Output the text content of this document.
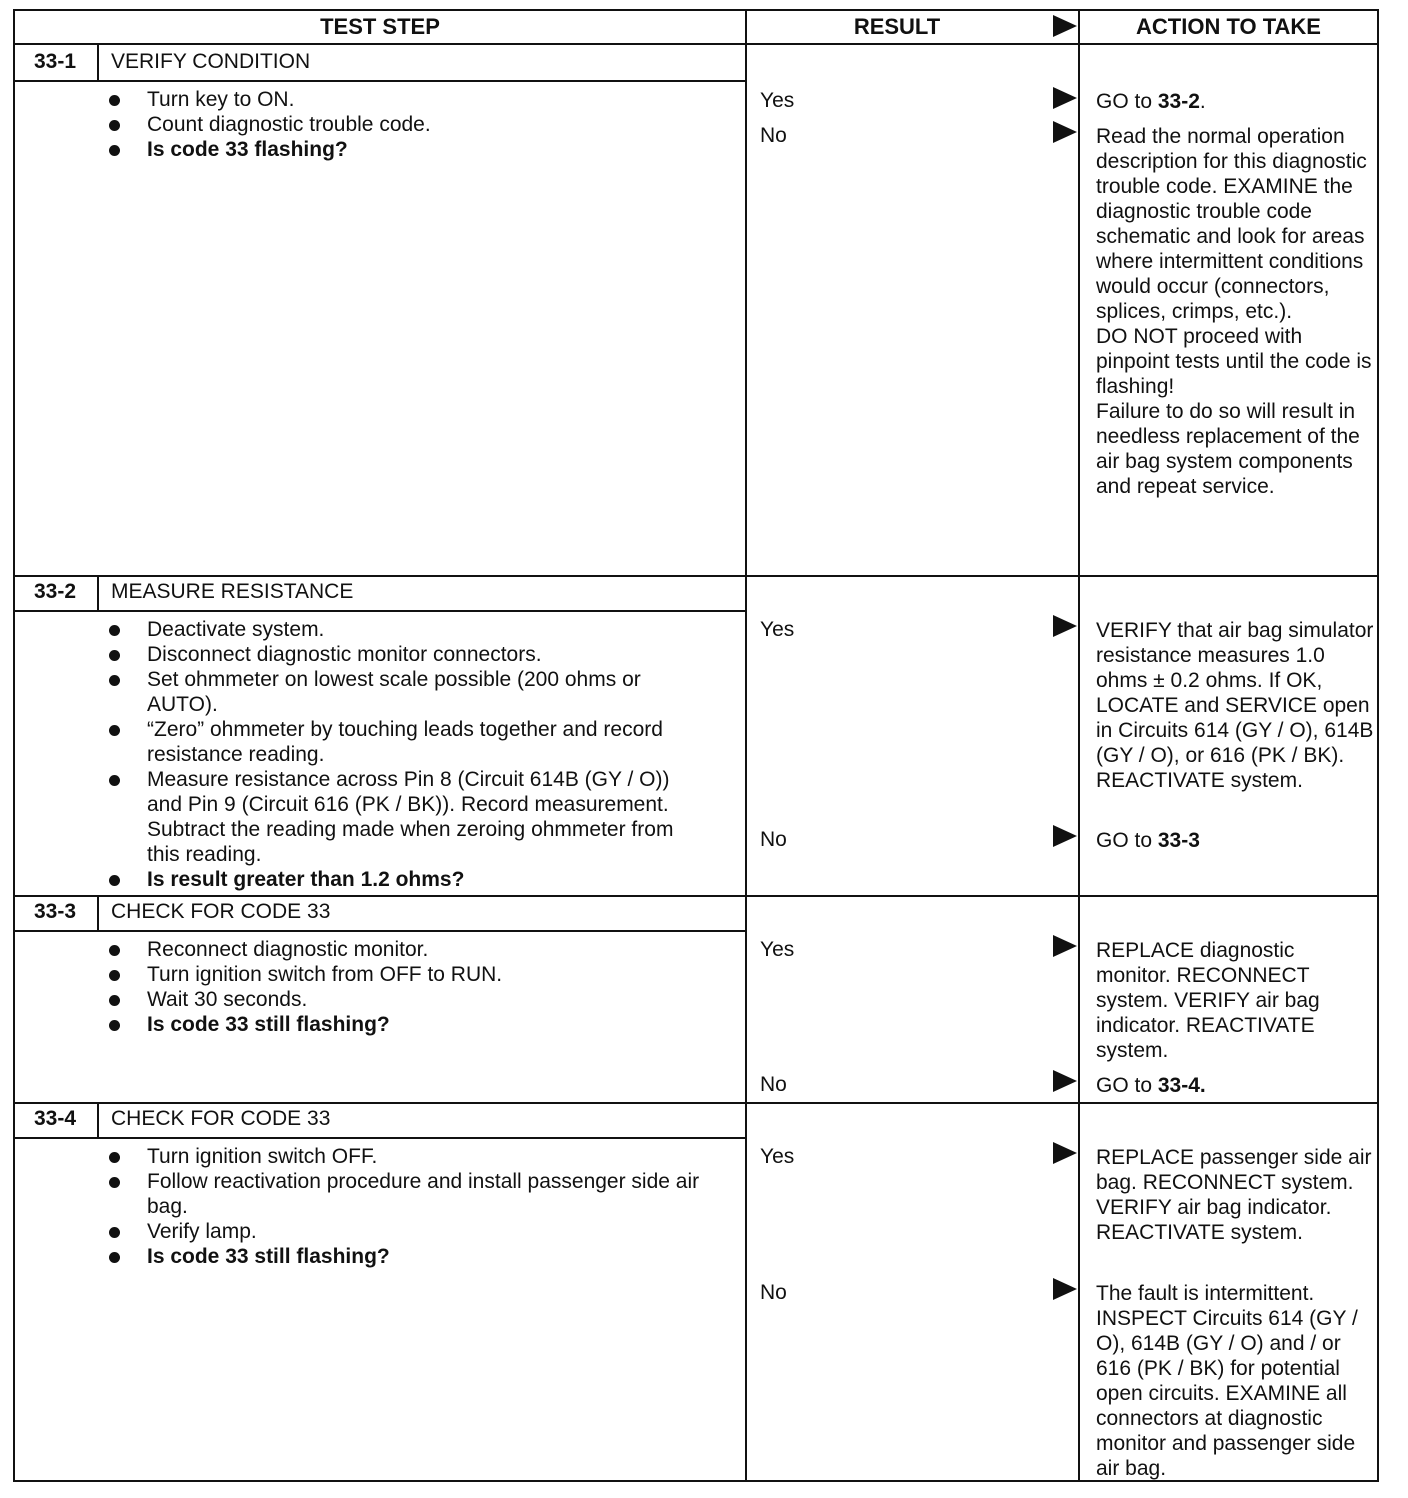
TEST STEP	RESULT	ACTION TO TAKE
33-1	VERIFY CONDITION
Turn key to ON.
Count diagnostic trouble code.
Is code 33 flashing?
Yes	GO to 33-2.
No	Read the normal operation description for this diagnostic trouble code. EXAMINE the diagnostic trouble code schematic and look for areas where intermittent conditions would occur (connectors, splices, crimps, etc.).
DO NOT proceed with pinpoint tests until the code is flashing!
Failure to do so will result in needless replacement of the air bag system components and repeat service.
33-2	MEASURE RESISTANCE
Deactivate system.
Disconnect diagnostic monitor connectors.
Set ohmmeter on lowest scale possible (200 ohms or AUTO).
“Zero” ohmmeter by touching leads together and record resistance reading.
Measure resistance across Pin 8 (Circuit 614B (GY / O)) and Pin 9 (Circuit 616 (PK / BK)). Record measurement. Subtract the reading made when zeroing ohmmeter from this reading.
Is result greater than 1.2 ohms?
Yes	VERIFY that air bag simulator resistance measures 1.0 ohms ± 0.2 ohms. If OK, LOCATE and SERVICE open in Circuits 614 (GY / O), 614B (GY / O), or 616 (PK / BK). REACTIVATE system.
No	GO to 33-3
33-3	CHECK FOR CODE 33
Reconnect diagnostic monitor.
Turn ignition switch from OFF to RUN.
Wait 30 seconds.
Is code 33 still flashing?
Yes	REPLACE diagnostic monitor. RECONNECT system. VERIFY air bag indicator. REACTIVATE system.
No	GO to 33-4.
33-4	CHECK FOR CODE 33
Turn ignition switch OFF.
Follow reactivation procedure and install passenger side air bag.
Verify lamp.
Is code 33 still flashing?
Yes	REPLACE passenger side air bag. RECONNECT system. VERIFY air bag indicator. REACTIVATE system.
No	The fault is intermittent. INSPECT Circuits 614 (GY / O), 614B (GY / O) and / or 616 (PK / BK) for potential open circuits. EXAMINE all connectors at diagnostic monitor and passenger side air bag.
